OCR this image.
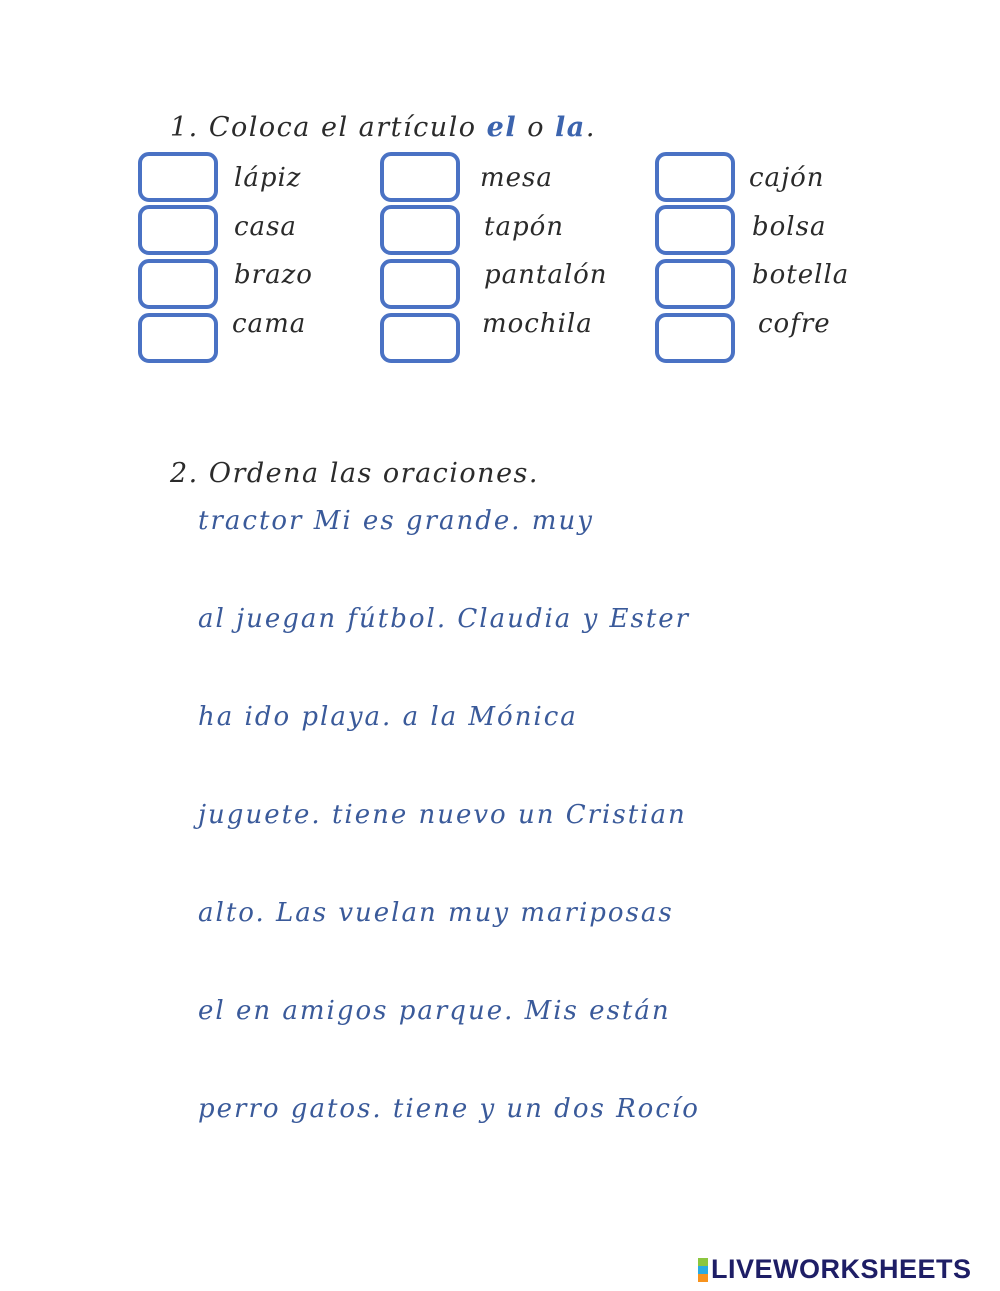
1. Coloca el artículo el o la.
lápiz
casa
brazo
cama
mesa
tapón
pantalón
mochila
cajón
bolsa
botella
cofre
2. Ordena las oraciones.
tractor Mi es grande. muy
al juegan fútbol. Claudia y Ester
ha ido playa. a la Mónica
juguete. tiene nuevo un Cristian
alto. Las vuelan muy mariposas
el en amigos parque. Mis están
perro gatos. tiene y un dos Rocío
LIVEWORKSHEETS
